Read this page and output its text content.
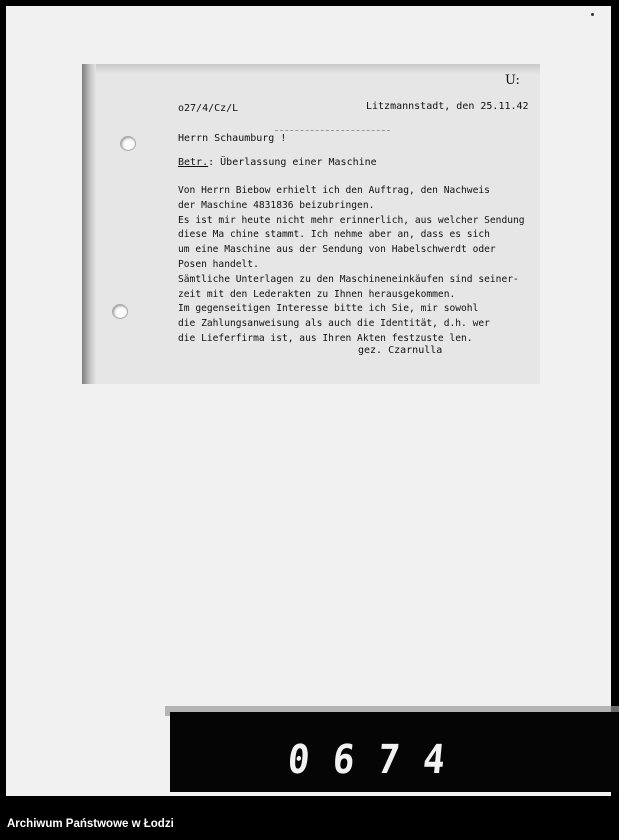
U:
o27/4/Cz/L	Litzmannstadt, den 25.11.42
Herrn Schaumburg !
Betr.: Überlassung einer Maschine
Von Herrn Biebow erhielt ich den Auftrag, den Nachweis
der Maschine 4831836 beizubringen.
Es ist mir heute nicht mehr erinnerlich, aus welcher Sendung
diese Ma chine stammt. Ich nehme aber an, dass es sich
um eine Maschine aus der Sendung von Habelschwerdt oder
Posen handelt.
Sämtliche Unterlagen zu den Maschineneinkäufen sind seiner-
zeit mit den Lederakten zu Ihnen herausgekommen.
Im gegenseitigen Interesse bitte ich Sie, mir sowohl
die Zahlungsanweisung als auch die Identität, d.h. wer
die Lieferfirma ist, aus Ihren Akten festzuste len.
gez. Czarnulla
0674
Archiwum Państwowe w Łodzi
